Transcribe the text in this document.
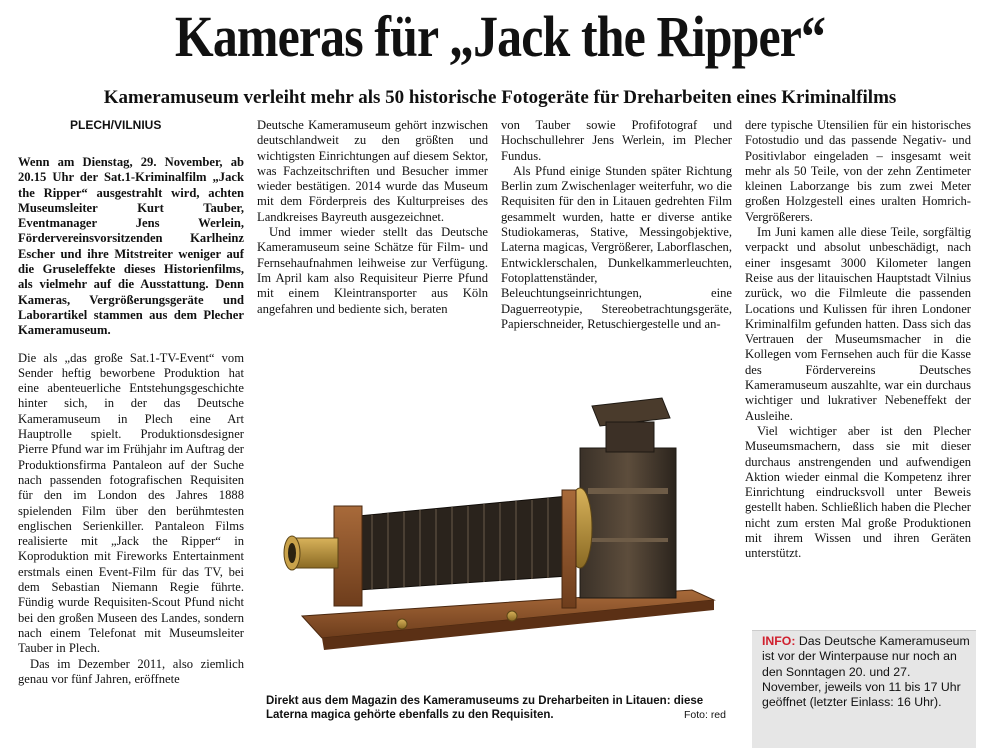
Kameras für „Jack the Ripper“
Kameramuseum verleiht mehr als 50 historische Fotogeräte für Dreharbeiten eines Kriminalfilms
PLECH/VILNIUS

Wenn am Dienstag, 29. November, ab 20.15 Uhr der Sat.1-Kriminalfilm „Jack the Ripper“ ausgestrahlt wird, achten Museumsleiter Kurt Tauber, Eventmanager Jens Werlein, Fördervereinsvorsitzenden Karlheinz Escher und ihre Mitstreiter weniger auf die Gruseleffekte dieses Historienfilms, als vielmehr auf die Ausstattung. Denn Kameras, Vergrößerungsgeräte und Laborartikel stammen aus dem Plecher Kameramuseum.

Die als „das große Sat.1-TV-Event“ vom Sender heftig beworbene Produktion hat eine abenteuerliche Entstehungsgeschichte hinter sich, in der das Deutsche Kameramuseum in Plech eine Art Hauptrolle spielt. Produktionsdesigner Pierre Pfund war im Frühjahr im Auftrag der Produktionsfirma Pantaleon auf der Suche nach passenden fotografischen Requisiten für den im London des Jahres 1888 spielenden Film über den berühmtesten englischen Serienkiller. Pantaleon Films realisierte mit „Jack the Ripper“ in Koproduktion mit Fireworks Entertainment erstmals einen Event-Film für das TV, bei dem Sebastian Niemann Regie führte. Fündig wurde Requisiten-Scout Pfund nicht bei den großen Museen des Landes, sondern nach einem Telefonat mit Museumsleiter Tauber in Plech.

Das im Dezember 2011, also ziemlich genau vor fünf Jahren, eröffnete

Deutsche Kameramuseum gehört inzwischen deutschlandweit zu den größten und wichtigsten Einrichtungen auf diesem Sektor, was Fachzeitschriften und Besucher immer wieder bestätigen. 2014 wurde das Museum mit dem Förderpreis des Kulturpreises des Landkreises Bayreuth ausgezeichnet.

Und immer wieder stellt das Deutsche Kameramuseum seine Schätze für Film- und Fernsehaufnahmen leihweise zur Verfügung. Im April kam also Requisiteur Pierre Pfund mit einem Kleintransporter aus Köln angefahren und bediente sich, beraten

von Tauber sowie Profifotograf und Hochschullehrer Jens Werlein, im Plecher Fundus.

Als Pfund einige Stunden später Richtung Berlin zum Zwischenlager weiterfuhr, wo die Requisiten für den in Litauen gedrehten Film gesammelt wurden, hatte er diverse antike Studiokameras, Stative, Messingobjektive, Laterna magicas, Vergrößerer, Laborflaschen, Entwicklerschalen, Dunkelkammerleuchten, Fotoplattenständer, Beleuchtungseinrichtungen, eine Daguerreotypie, Stereobetrachtungsgeräte, Papierschneider, Retuschiergestelle und an-

dere typische Utensilien für ein historisches Fotostudio und das passende Negativ- und Positivlabor eingeladen – insgesamt weit mehr als 50 Teile, von der zehn Zentimeter kleinen Laborzange bis zum zwei Meter großen Holzgestell eines uralten Homrich-Vergrößerers.

Im Juni kamen alle diese Teile, sorgfältig verpackt und absolut unbeschädigt, nach einer insgesamt 3000 Kilometer langen Reise aus der litauischen Hauptstadt Vilnius zurück, wo die Filmleute die passenden Locations und Kulissen für ihren Londoner Kriminalfilm gefunden hatten. Dass sich das Vertrauen der Museumsmacher in die Kollegen vom Fernsehen auch für die Kasse des Fördervereins Deutsches Kameramuseum auszahlte, war ein durchaus wichtiger und lukrativer Nebeneffekt der Ausleihe.

Viel wichtiger aber ist den Plecher Museumsmachern, dass sie mit dieser durchaus anstrengenden und aufwendigen Aktion wieder einmal die Kompetenz ihrer Einrichtung eindrucksvoll unter Beweis gestellt haben. Schließlich haben die Plecher nicht zum ersten Mal große Produktionen mit ihrem Wissen und ihren Geräten unterstützt.

Direkt aus dem Magazin des Kameramuseums zu Dreharbeiten in Litauen: diese Laterna magica gehörte ebenfalls zu den Requisiten.	Foto: red

INFO: Das Deutsche Kameramuseum ist vor der Winterpause nur noch an den Sonntagen 20. und 27. November, jeweils von 11 bis 17 Uhr geöffnet (letzter Einlass: 16 Uhr).
